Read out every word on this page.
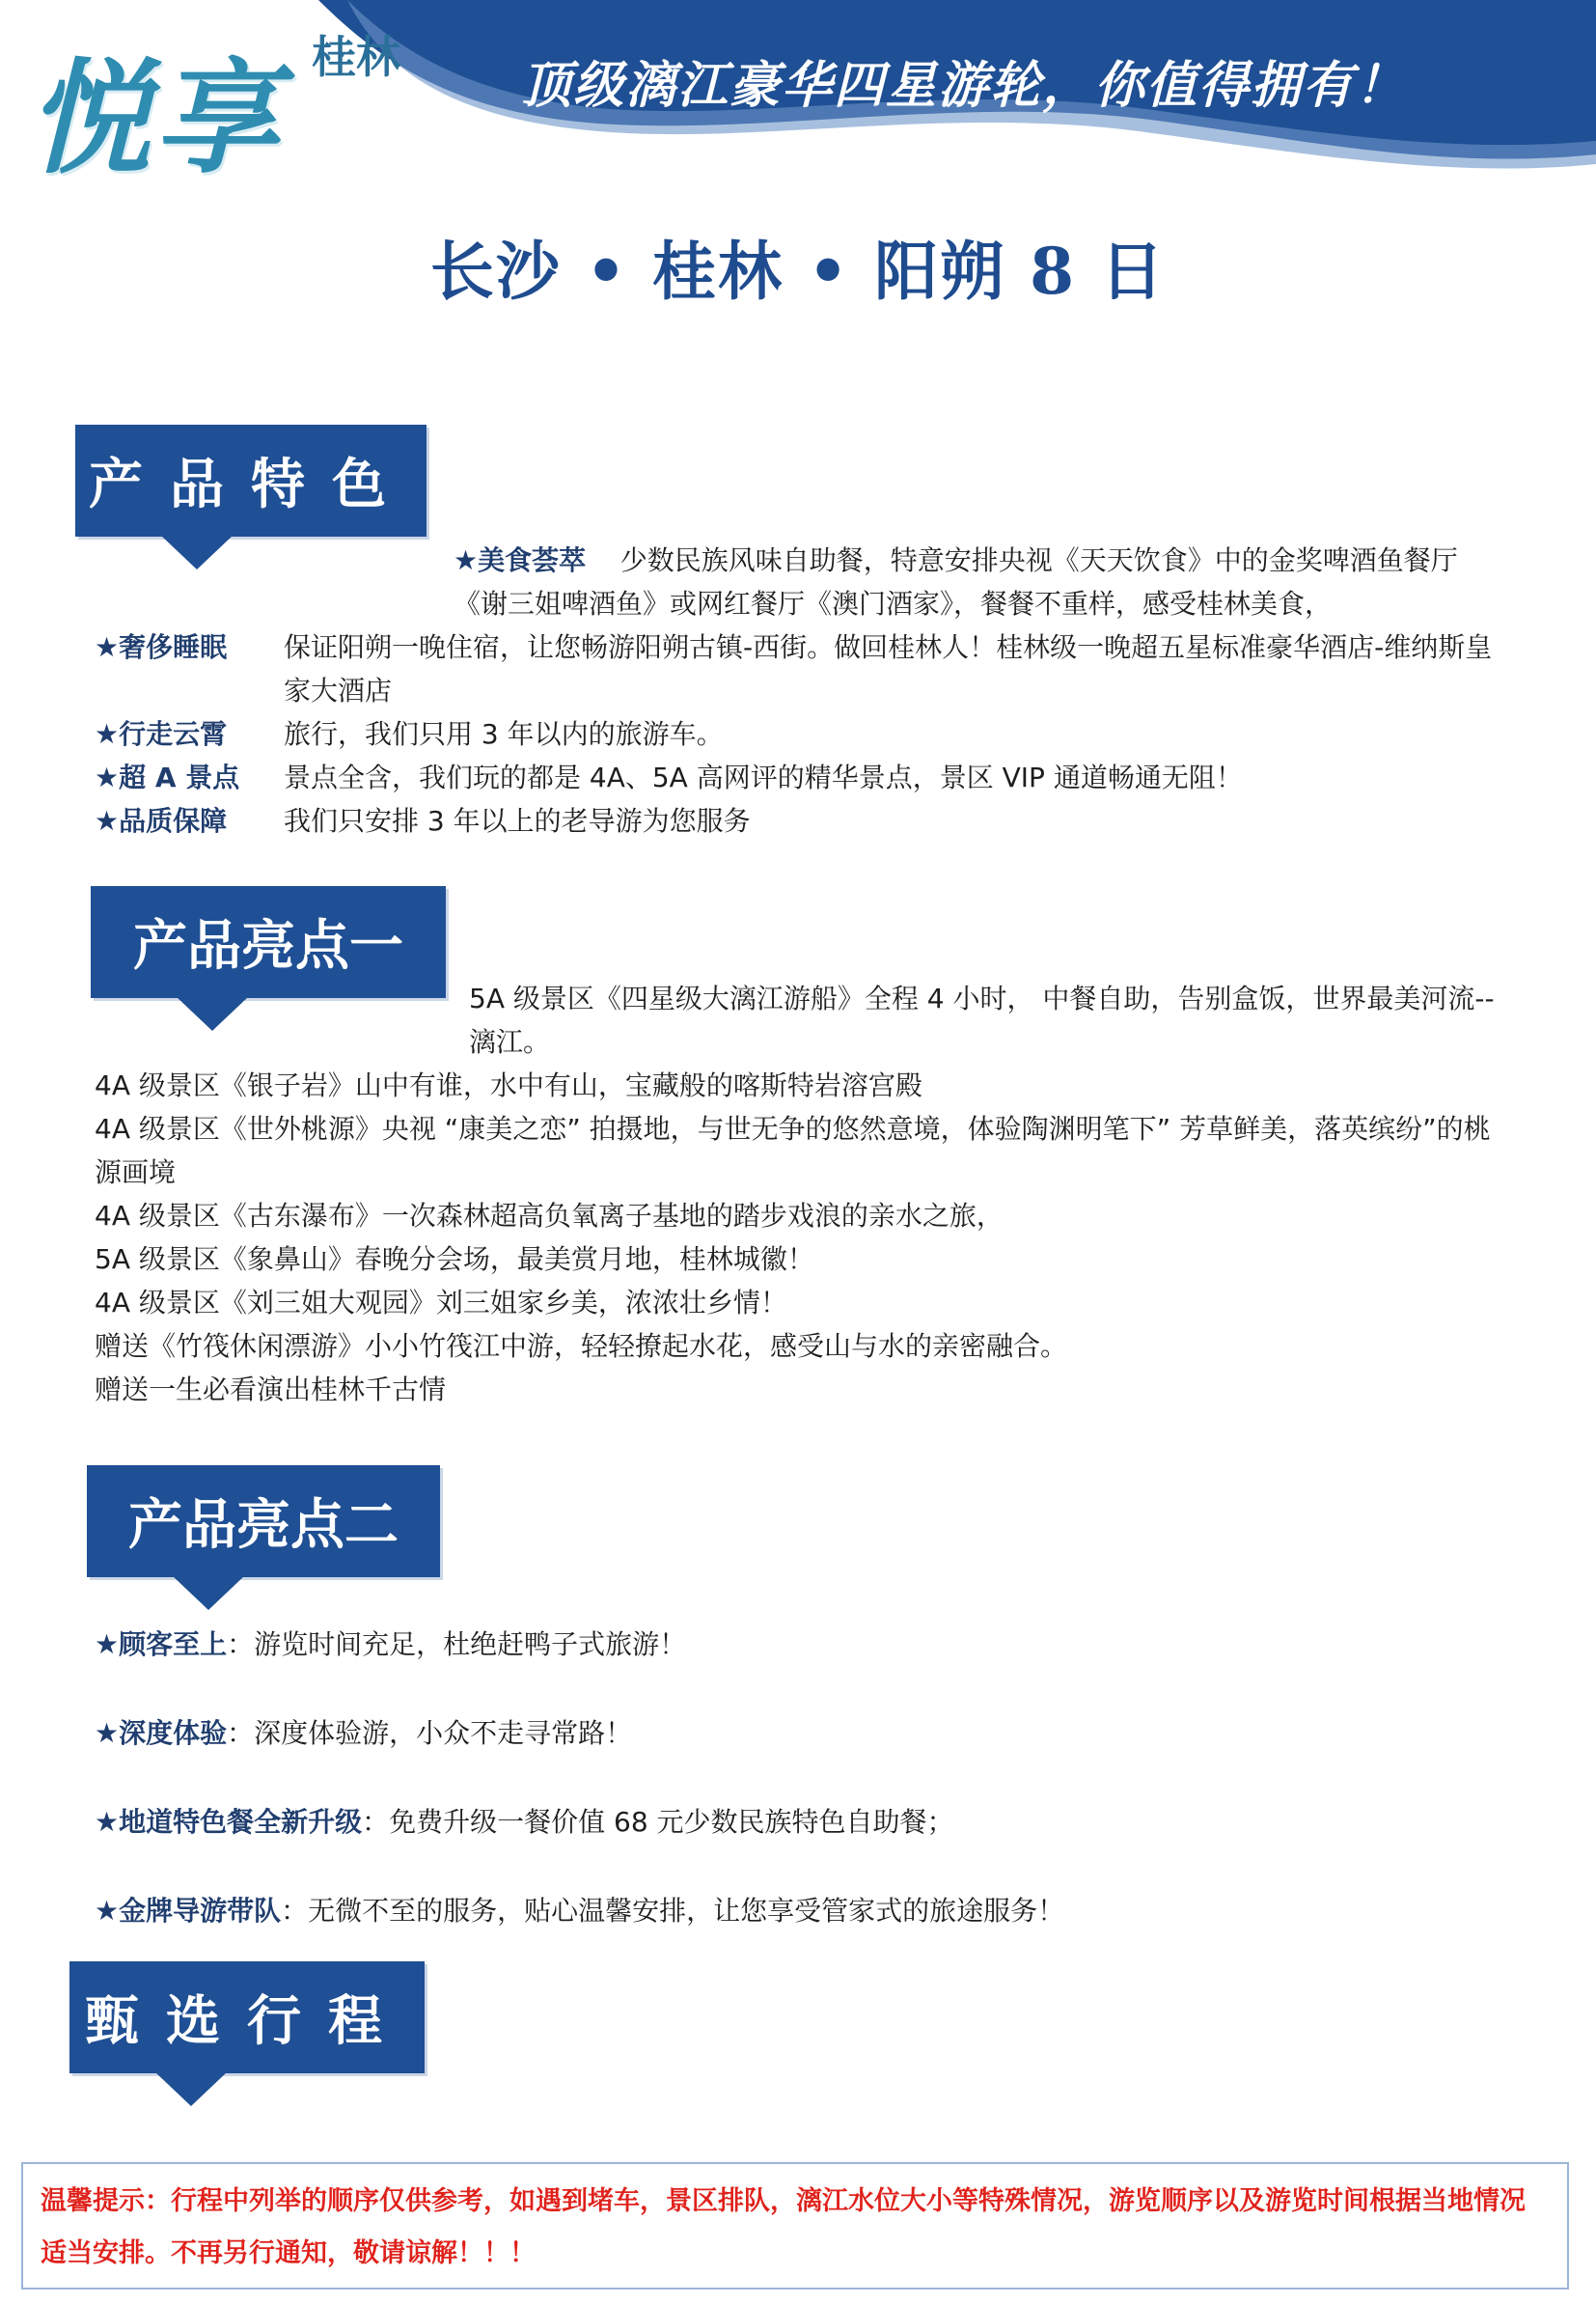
悦享 桂林 顶级漓江豪华四星游轮，你值得拥有！
长沙 • 桂林 • 阳朔 8 日
产品特色
★美食荟萃 少数民族风味自助餐，特意安排央视《天天饮食》中的金奖啤酒鱼餐厅《谢三姐啤酒鱼》或网红餐厅《澳门酒家》，餐餐不重样，感受桂林美食，
★奢侈睡眠	保证阳朔一晚住宿，让您畅游阳朔古镇-西街。做回桂林人！桂林级一晚超五星标准豪华酒店-维纳斯皇家大酒店
★行走云霄	旅行，我们只用 3 年以内的旅游车。
★超 A 景点	景点全含，我们玩的都是 4A、5A 高网评的精华景点，景区 VIP 通道畅通无阻！
★品质保障	我们只安排 3 年以上的老导游为您服务
产品亮点一
5A 级景区《四星级大漓江游船》全程 4 小时， 中餐自助，告别盒饭，世界最美河流--漓江。
4A 级景区《银子岩》山中有谁，水中有山，宝藏般的喀斯特岩溶宫殿
4A 级景区《世外桃源》央视 “康美之恋” 拍摄地，与世无争的悠然意境，体验陶渊明笔下” 芳草鲜美，落英缤纷”的桃源画境
4A 级景区《古东瀑布》一次森林超高负氧离子基地的踏步戏浪的亲水之旅，
5A 级景区《象鼻山》春晚分会场，最美赏月地，桂林城徽！
4A 级景区《刘三姐大观园》刘三姐家乡美，浓浓壮乡情！
赠送《竹筏休闲漂游》小小竹筏江中游，轻轻撩起水花，感受山与水的亲密融合。
赠送一生必看演出桂林千古情
产品亮点二
★顾客至上：游览时间充足，杜绝赶鸭子式旅游！
★深度体验：深度体验游，小众不走寻常路！
★地道特色餐全新升级：免费升级一餐价值 68 元少数民族特色自助餐；
★金牌导游带队：无微不至的服务，贴心温馨安排，让您享受管家式的旅途服务！
甄选行程
温馨提示：行程中列举的顺序仅供参考，如遇到堵车，景区排队，漓江水位大小等特殊情况，游览顺序以及游览时间根据当地情况适当安排。不再另行通知，敬请谅解！！！
